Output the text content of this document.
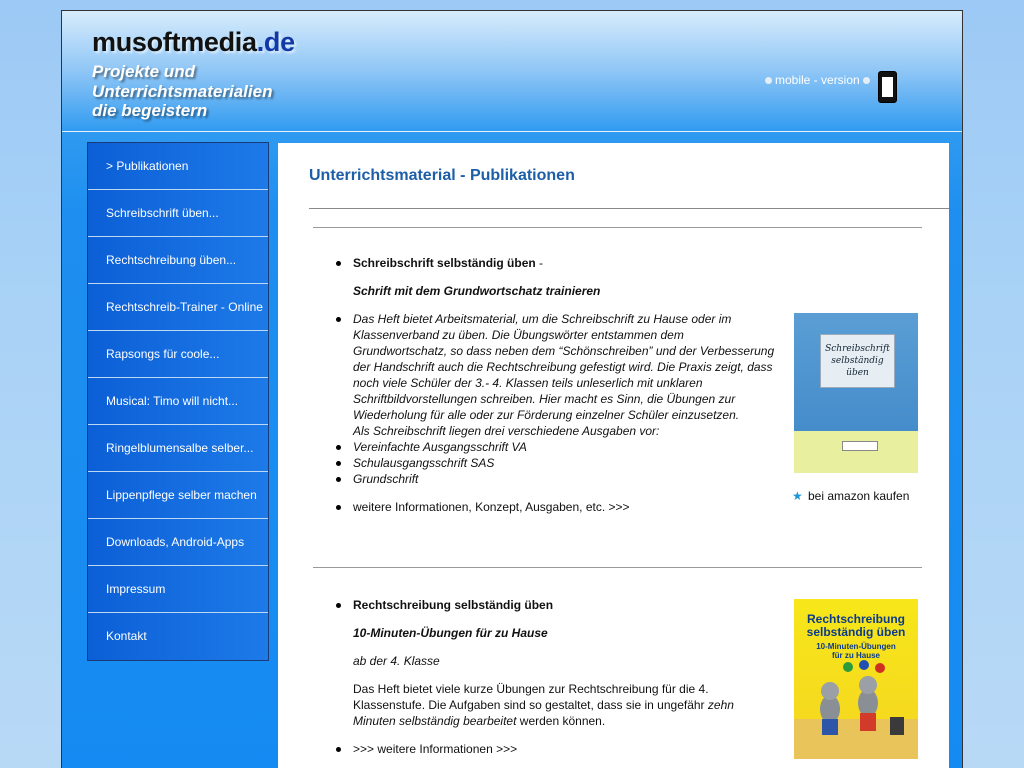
musoftmedia.de
Projekte und
Unterrichtsmaterialien
die begeistern
mobile - version
> Publikationen
Schreibschrift üben...
Rechtschreibung üben...
Rechtschreib-Trainer - Online
Rapsongs für coole...
Musical: Timo will nicht...
Ringelblumensalbe selber...
Lippenpflege selber machen
Downloads, Android-Apps
Impressum
Kontakt
Unterrichtsmaterial - Publikationen
Schreibschrift selbständig üben -
Schrift mit dem Grundwortschatz trainieren
Das Heft bietet Arbeitsmaterial, um die Schreibschrift zu Hause oder im
Klassenverband zu üben. Die Übungswörter entstammen dem
Grundwortschatz, so dass neben dem “Schönschreiben” und der Verbesserung
der Handschrift auch die Rechtschreibung gefestigt wird. Die Praxis zeigt, dass
noch viele Schüler der 3.- 4. Klassen teils unleserlich mit unklaren
Schriftbildvorstellungen schreiben. Hier macht es Sinn, die Übungen zur
Wiederholung für alle oder zur Förderung einzelner Schüler einzusetzen.
Als Schreibschrift liegen drei verschiedene Ausgaben vor:
Vereinfachte Ausgangsschrift VA
Schulausgangsschrift SAS
Grundschrift
weitere Informationen, Konzept, Ausgaben, etc. >>>
Schreibschrift
selbständig üben
★ bei amazon kaufen
Rechtschreibung selbständig üben
10-Minuten-Übungen für zu Hause
ab der 4. Klasse
Das Heft bietet viele kurze Übungen zur Rechtschreibung für die 4.
Klassenstufe. Die Aufgaben sind so gestaltet, dass sie in ungefähr zehn
Minuten selbständig bearbeitet werden können.
>>> weitere Informationen >>>
Rechtschreibung
selbständig üben
10-Minuten-Übungen
für zu Hause
